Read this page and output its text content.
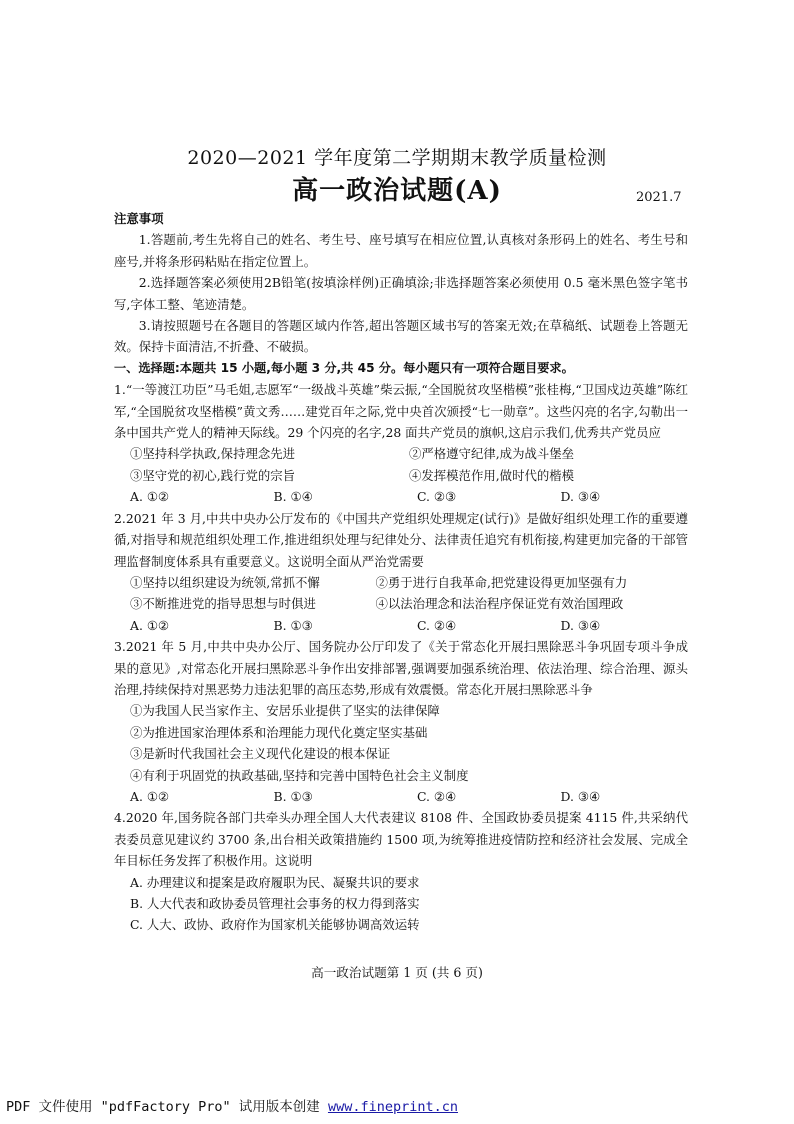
2020—2021 学年度第二学期期末教学质量检测
高一政治试题(A)	2021.7

注意事项

1.答题前,考生先将自己的姓名、考生号、座号填写在相应位置,认真核对条形码上的姓名、考生号和座号,并将条形码粘贴在指定位置上。

2.选择题答案必须使用2B铅笔(按填涂样例)正确填涂;非选择题答案必须使用 0.5 毫米黑色签字笔书写,字体工整、笔迹清楚。

3.请按照题号在各题目的答题区域内作答,超出答题区域书写的答案无效;在草稿纸、试题卷上答题无效。保持卡面清洁,不折叠、不破损。

一、选择题:本题共 15 小题,每小题 3 分,共 45 分。每小题只有一项符合题目要求。

1.“一等渡江功臣”马毛姐,志愿军“一级战斗英雄”柴云振,“全国脱贫攻坚楷模”张桂梅,“卫国戍边英雄”陈红军,“全国脱贫攻坚楷模”黄文秀……建党百年之际,党中央首次颁授“七一勋章”。这些闪亮的名字,勾勒出一条中国共产党人的精神天际线。29 个闪亮的名字,28 面共产党员的旗帜,这启示我们,优秀共产党员应

①坚持科学执政,保持理念先进	②严格遵守纪律,成为战斗堡垒
③坚守党的初心,践行党的宗旨	④发挥模范作用,做时代的楷模
A. ①②	B. ①④	C. ②③	D. ③④

2.2021 年 3 月,中共中央办公厅发布的《中国共产党组织处理规定(试行)》是做好组织处理工作的重要遵循,对指导和规范组织处理工作,推进组织处理与纪律处分、法律责任追究有机衔接,构建更加完备的干部管理监督制度体系具有重要意义。这说明全面从严治党需要

①坚持以组织建设为统领,常抓不懈	②勇于进行自我革命,把党建设得更加坚强有力
③不断推进党的指导思想与时俱进	④以法治理念和法治程序保证党有效治国理政
A. ①②	B. ①③	C. ②④	D. ③④

3.2021 年 5 月,中共中央办公厅、国务院办公厅印发了《关于常态化开展扫黑除恶斗争巩固专项斗争成果的意见》,对常态化开展扫黑除恶斗争作出安排部署,强调要加强系统治理、依法治理、综合治理、源头治理,持续保持对黑恶势力违法犯罪的高压态势,形成有效震慑。常态化开展扫黑除恶斗争

①为我国人民当家作主、安居乐业提供了坚实的法律保障

②为推进国家治理体系和治理能力现代化奠定坚实基础

③是新时代我国社会主义现代化建设的根本保证

④有利于巩固党的执政基础,坚持和完善中国特色社会主义制度

A. ①②	B. ①③	C. ②④	D. ③④

4.2020 年,国务院各部门共牵头办理全国人大代表建议 8108 件、全国政协委员提案 4115 件,共采纳代表委员意见建议约 3700 条,出台相关政策措施约 1500 项,为统筹推进疫情防控和经济社会发展、完成全年目标任务发挥了积极作用。这说明

A. 办理建议和提案是政府履职为民、凝聚共识的要求

B. 人大代表和政协委员管理社会事务的权力得到落实

C. 人大、政协、政府作为国家机关能够协调高效运转

高一政治试题第 1 页 (共 6 页)
PDF 文件使用 "pdfFactory Pro" 试用版本创建 www.fineprint.cn
